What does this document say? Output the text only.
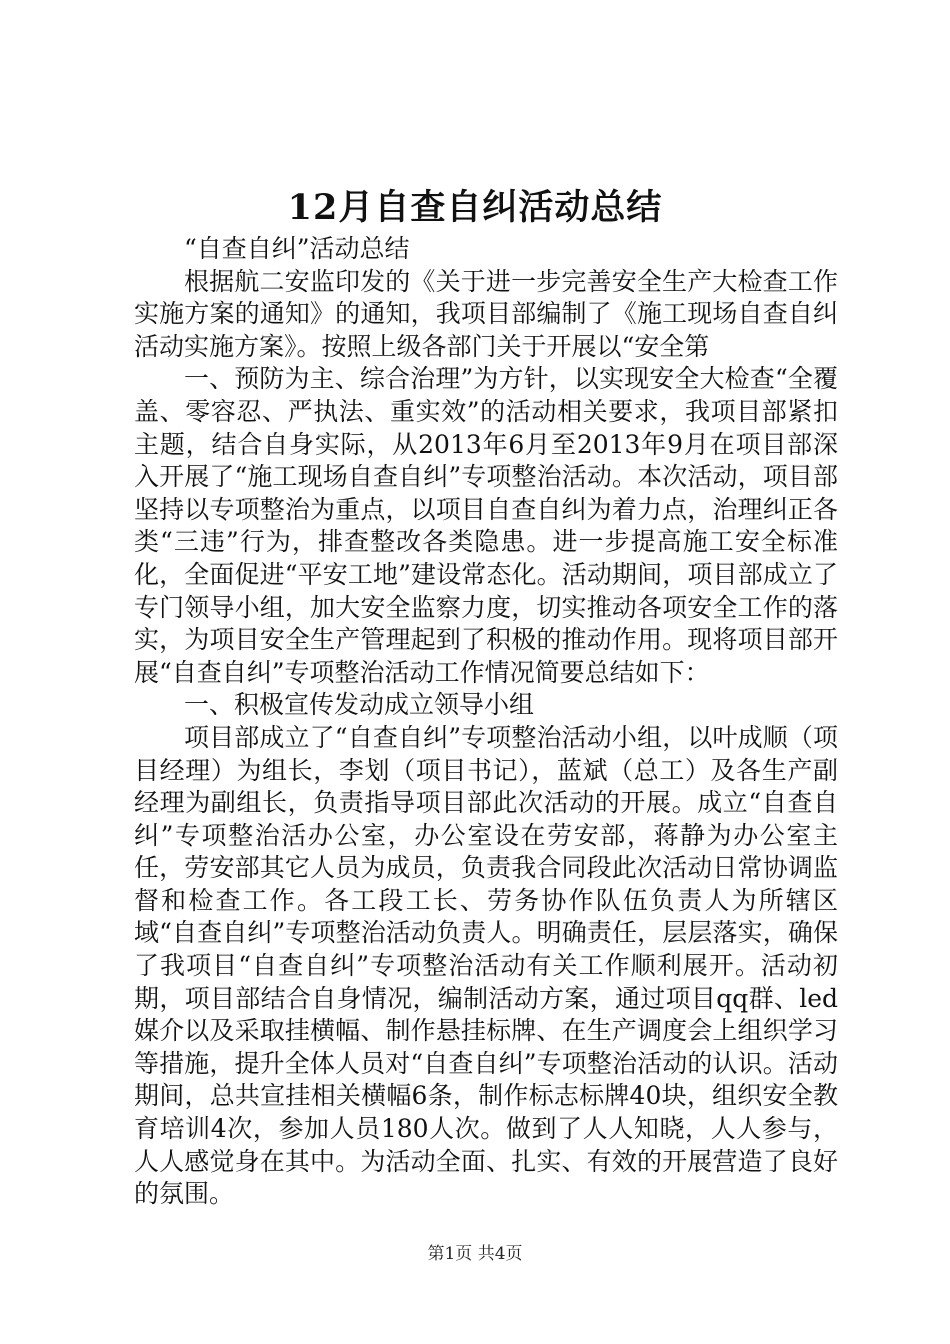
12月自查自纠活动总结

“自查自纠”活动总结

根据航二安监印发的《关于进一步完善安全生产大检查工作实施方案的通知》的通知，我项目部编制了《施工现场自查自纠活动实施方案》。按照上级各部门关于开展以“安全第

一、预防为主、综合治理”为方针，以实现安全大检查“全覆盖、零容忍、严执法、重实效”的活动相关要求，我项目部紧扣主题，结合自身实际，从2013年6月至2013年9月在项目部深入开展了“施工现场自查自纠”专项整治活动。本次活动，项目部坚持以专项整治为重点，以项目自查自纠为着力点，治理纠正各类“三违”行为，排查整改各类隐患。进一步提高施工安全标准化，全面促进“平安工地”建设常态化。活动期间，项目部成立了专门领导小组，加大安全监察力度，切实推动各项安全工作的落实，为项目安全生产管理起到了积极的推动作用。现将项目部开展“自查自纠”专项整治活动工作情况简要总结如下：

一、积极宣传发动成立领导小组

项目部成立了“自查自纠”专项整治活动小组，以叶成顺（项目经理）为组长，李划（项目书记），蓝斌（总工）及各生产副经理为副组长，负责指导项目部此次活动的开展。成立“自查自纠”专项整治活办公室，办公室设在劳安部，蒋静为办公室主任，劳安部其它人员为成员，负责我合同段此次活动日常协调监督和检查工作。各工段工长、劳务协作队伍负责人为所辖区域“自查自纠”专项整治活动负责人。明确责任，层层落实，确保了我项目“自查自纠”专项整治活动有关工作顺利展开。活动初期，项目部结合自身情况，编制活动方案，通过项目qq群、led媒介以及采取挂横幅、制作悬挂标牌、在生产调度会上组织学习等措施，提升全体人员对“自查自纠”专项整治活动的认识。活动期间，总共宣挂相关横幅6条，制作标志标牌40块，组织安全教育培训4次，参加人员180人次。做到了人人知晓，人人参与，人人感觉身在其中。为活动全面、扎实、有效的开展营造了良好的氛围。

第1页 共4页
